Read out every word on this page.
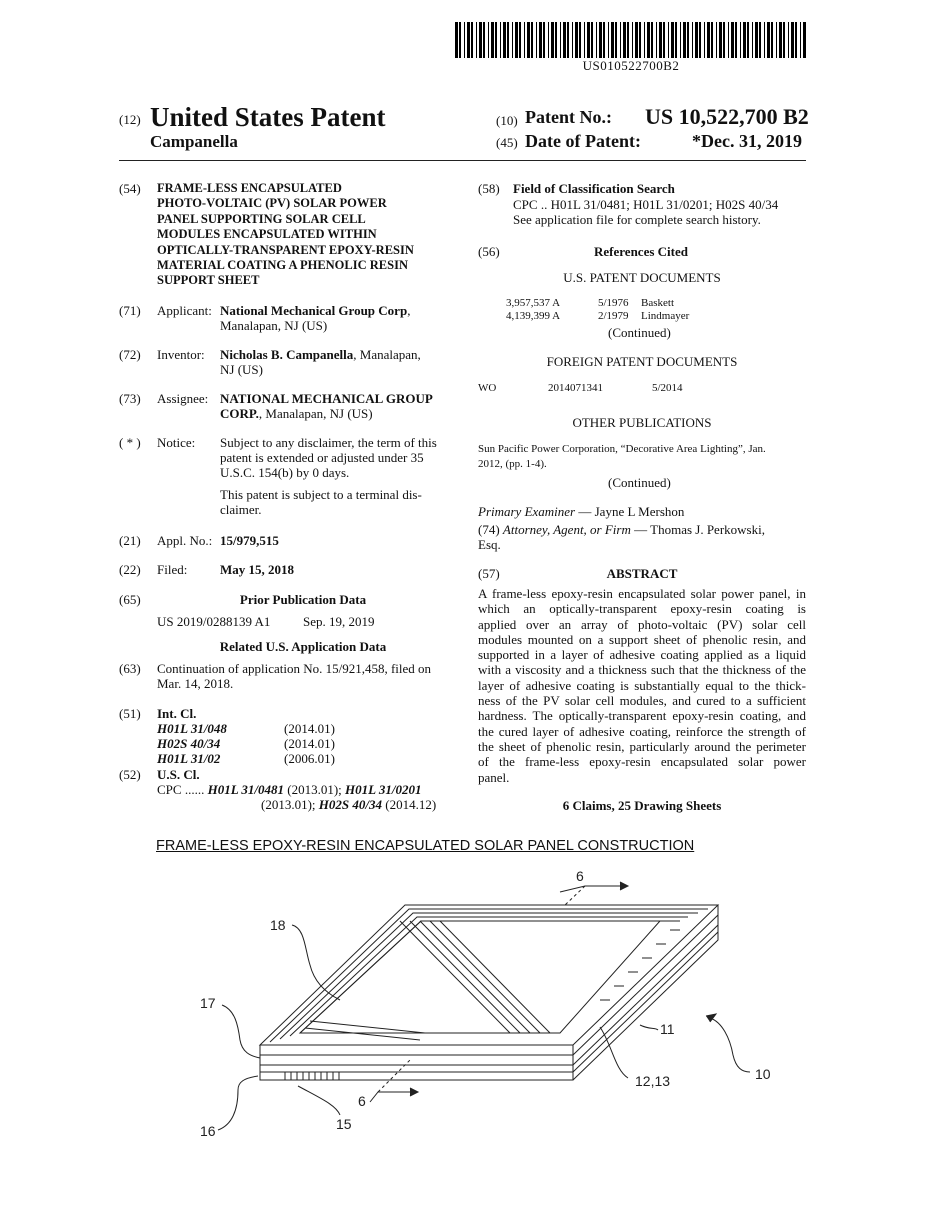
US010522700B2
(12) United States Patent
Campanella
(10) Patent No.: US 10,522,700 B2
(45) Date of Patent:	*Dec. 31, 2019
(54) FRAME-LESS ENCAPSULATED
PHOTO-VOLTAIC (PV) SOLAR POWER
PANEL SUPPORTING SOLAR CELL
MODULES ENCAPSULATED WITHIN
OPTICALLY-TRANSPARENT EPOXY-RESIN
MATERIAL COATING A PHENOLIC RESIN
SUPPORT SHEET
(71) Applicant: National Mechanical Group Corp,
Manalapan, NJ (US)
(72) Inventor: Nicholas B. Campanella, Manalapan,
NJ (US)
(73) Assignee: NATIONAL MECHANICAL GROUP
CORP., Manalapan, NJ (US)
( * ) Notice: Subject to any disclaimer, the term of this
patent is extended or adjusted under 35
U.S.C. 154(b) by 0 days.
This patent is subject to a terminal dis-
claimer.
(21) Appl. No.: 15/979,515
(22) Filed:	May 15, 2018
(65)	Prior Publication Data
US 2019/0288139 A1	Sep. 19, 2019
Related U.S. Application Data
(63) Continuation of application No. 15/921,458, filed on
Mar. 14, 2018.
(51) Int. Cl.
H01L 31/048	(2014.01)
H02S 40/34	(2014.01)
H01L 31/02	(2006.01)
(52) U.S. Cl.
CPC ...... H01L 31/0481 (2013.01); H01L 31/0201
(2013.01); H02S 40/34 (2014.12)
(58) Field of Classification Search
CPC .. H01L 31/0481; H01L 31/0201; H02S 40/34
See application file for complete search history.
(56)	References Cited
U.S. PATENT DOCUMENTS
3,957,537 A	5/1976 Baskett
4,139,399 A	2/1979 Lindmayer
(Continued)
FOREIGN PATENT DOCUMENTS
WO	2014071341	5/2014
OTHER PUBLICATIONS
Sun Pacific Power Corporation, “Decorative Area Lighting”, Jan.
2012, (pp. 1-4).
(Continued)
Primary Examiner — Jayne L Mershon
(74) Attorney, Agent, or Firm — Thomas J. Perkowski,
Esq.
(57)	ABSTRACT
A frame-less epoxy-resin encapsulated solar power panel, in
which an optically-transparent epoxy-resin coating is
applied over an array of photo-voltaic (PV) solar cell
modules mounted on a support sheet of phenolic resin, and
supported in a layer of adhesive coating applied as a liquid
with a viscosity and a thickness such that the thickness of the
layer of adhesive coating is substantially equal to the thick-
ness of the PV solar cell modules, and cured to a sufficient
hardness. The optically-transparent epoxy-resin coating, and
the cured layer of adhesive coating, reinforce the strength of
the sheet of phenolic resin, particularly around the perimeter
of the frame-less epoxy-resin encapsulated solar power
panel.
6 Claims, 25 Drawing Sheets
FRAME-LESS EPOXY-RESIN ENCAPSULATED SOLAR PANEL CONSTRUCTION
6
18
17
11
12,13	10
6
16	15
